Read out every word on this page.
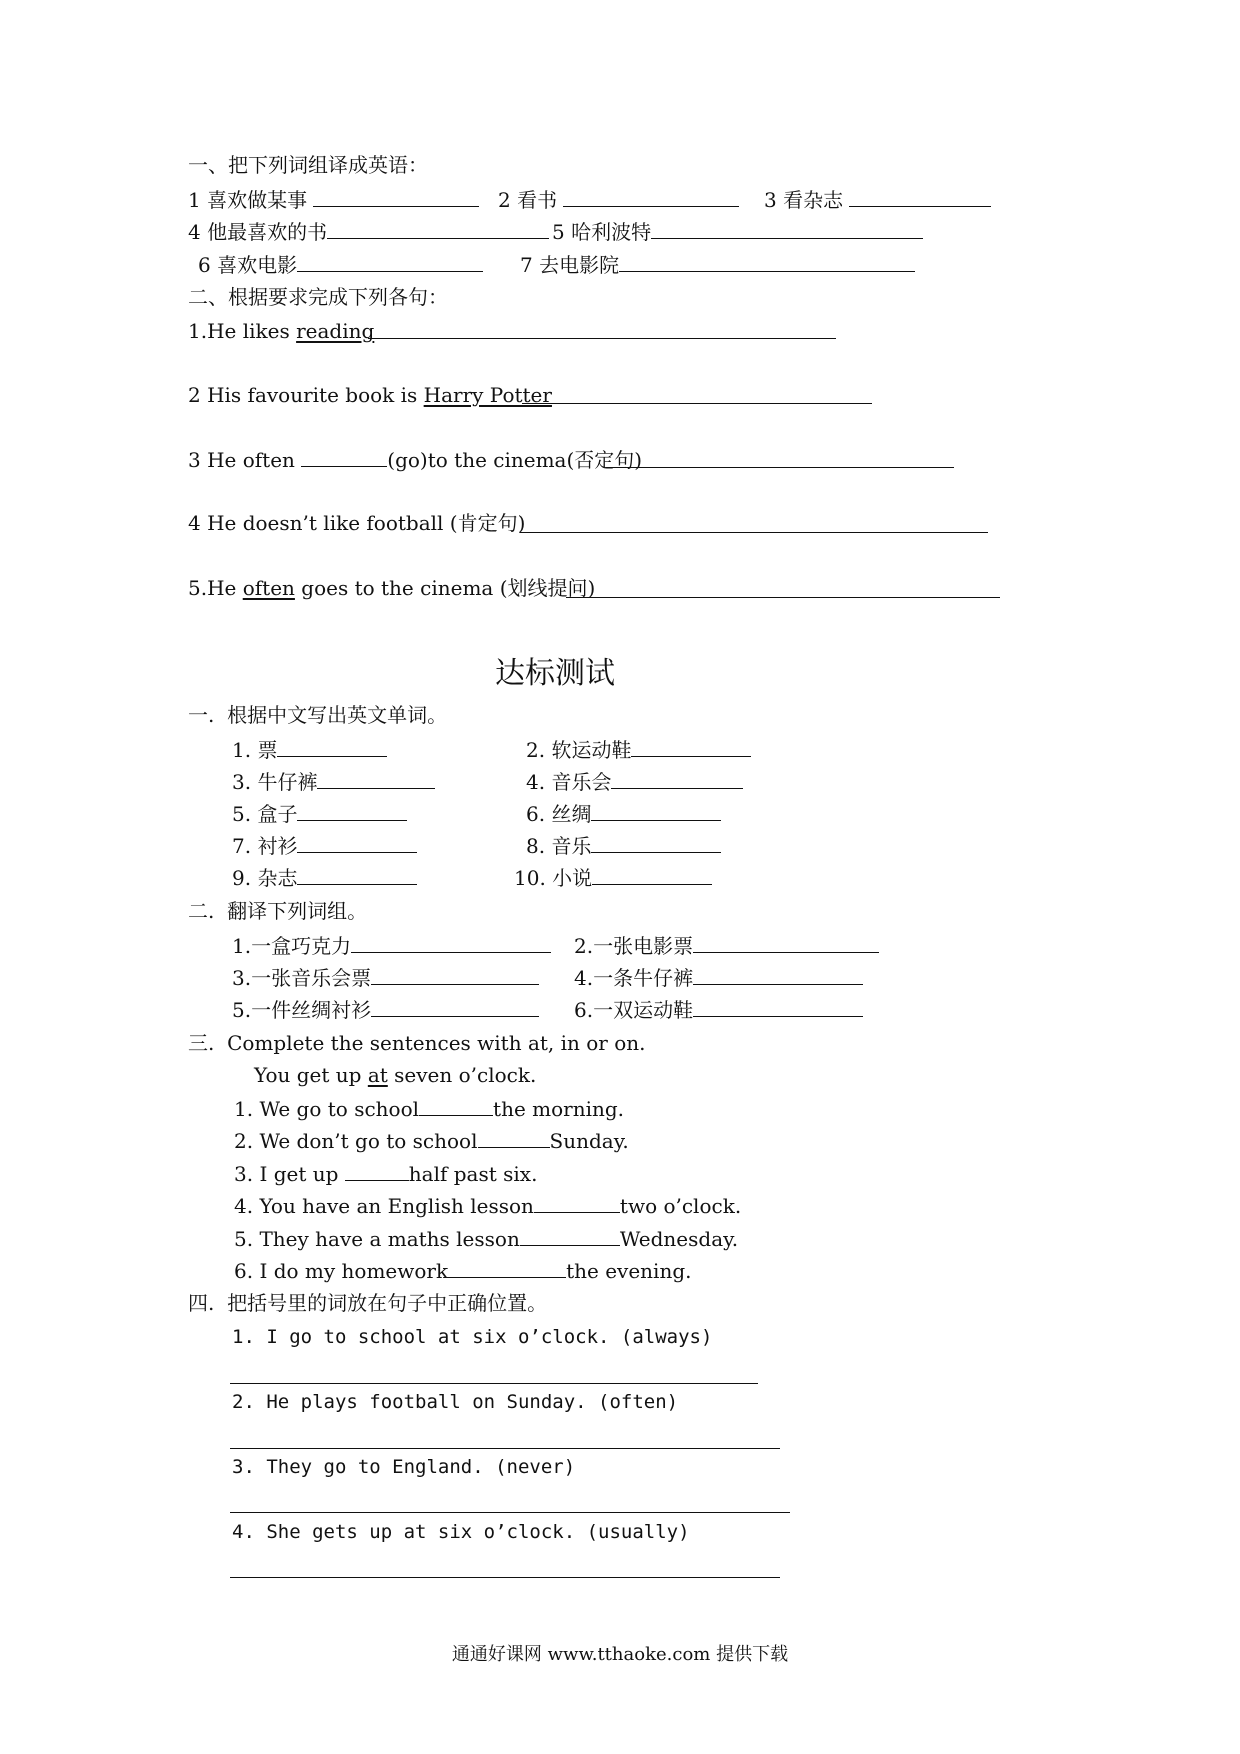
一、把下列词组译成英语：
1 喜欢做某事	2 看书	3 看杂志
4 他最喜欢的书	5 哈利波特
6 喜欢电影	7 去电影院
二、根据要求完成下列各句：
1.He likes reading
2 His favourite book is Harry Potter
3 He often	(go)to the cinema(否定句)
4 He doesn’t like football (肯定句)
5.He often goes to the cinema (划线提问)
达标测试
一. 根据中文写出英文单词。
1. 票	2. 软运动鞋
3. 牛仔裤	4. 音乐会
5. 盒子	6. 丝绸
7. 衬衫	8. 音乐
9. 杂志	10. 小说
二. 翻译下列词组。
1.一盒巧克力	2.一张电影票
3.一张音乐会票	4.一条牛仔裤
5.一件丝绸衬衫	6.一双运动鞋
三. Complete the sentences with at, in or on.
You get up at seven o’clock.
1. We go to school	the morning.
2. We don’t go to school	Sunday.
3. I get up	half past six.
4. You have an English lesson	two o’clock.
5. They have a maths lesson	Wednesday.
6. I do my homework	the evening.
四. 把括号里的词放在句子中正确位置。
1. I go to school at six o’clock. (always)
2. He plays football on Sunday. (often)
3. They go to England. (never)
4. She gets up at six o’clock. (usually)
通通好课网 www.tthaoke.com 提供下载
